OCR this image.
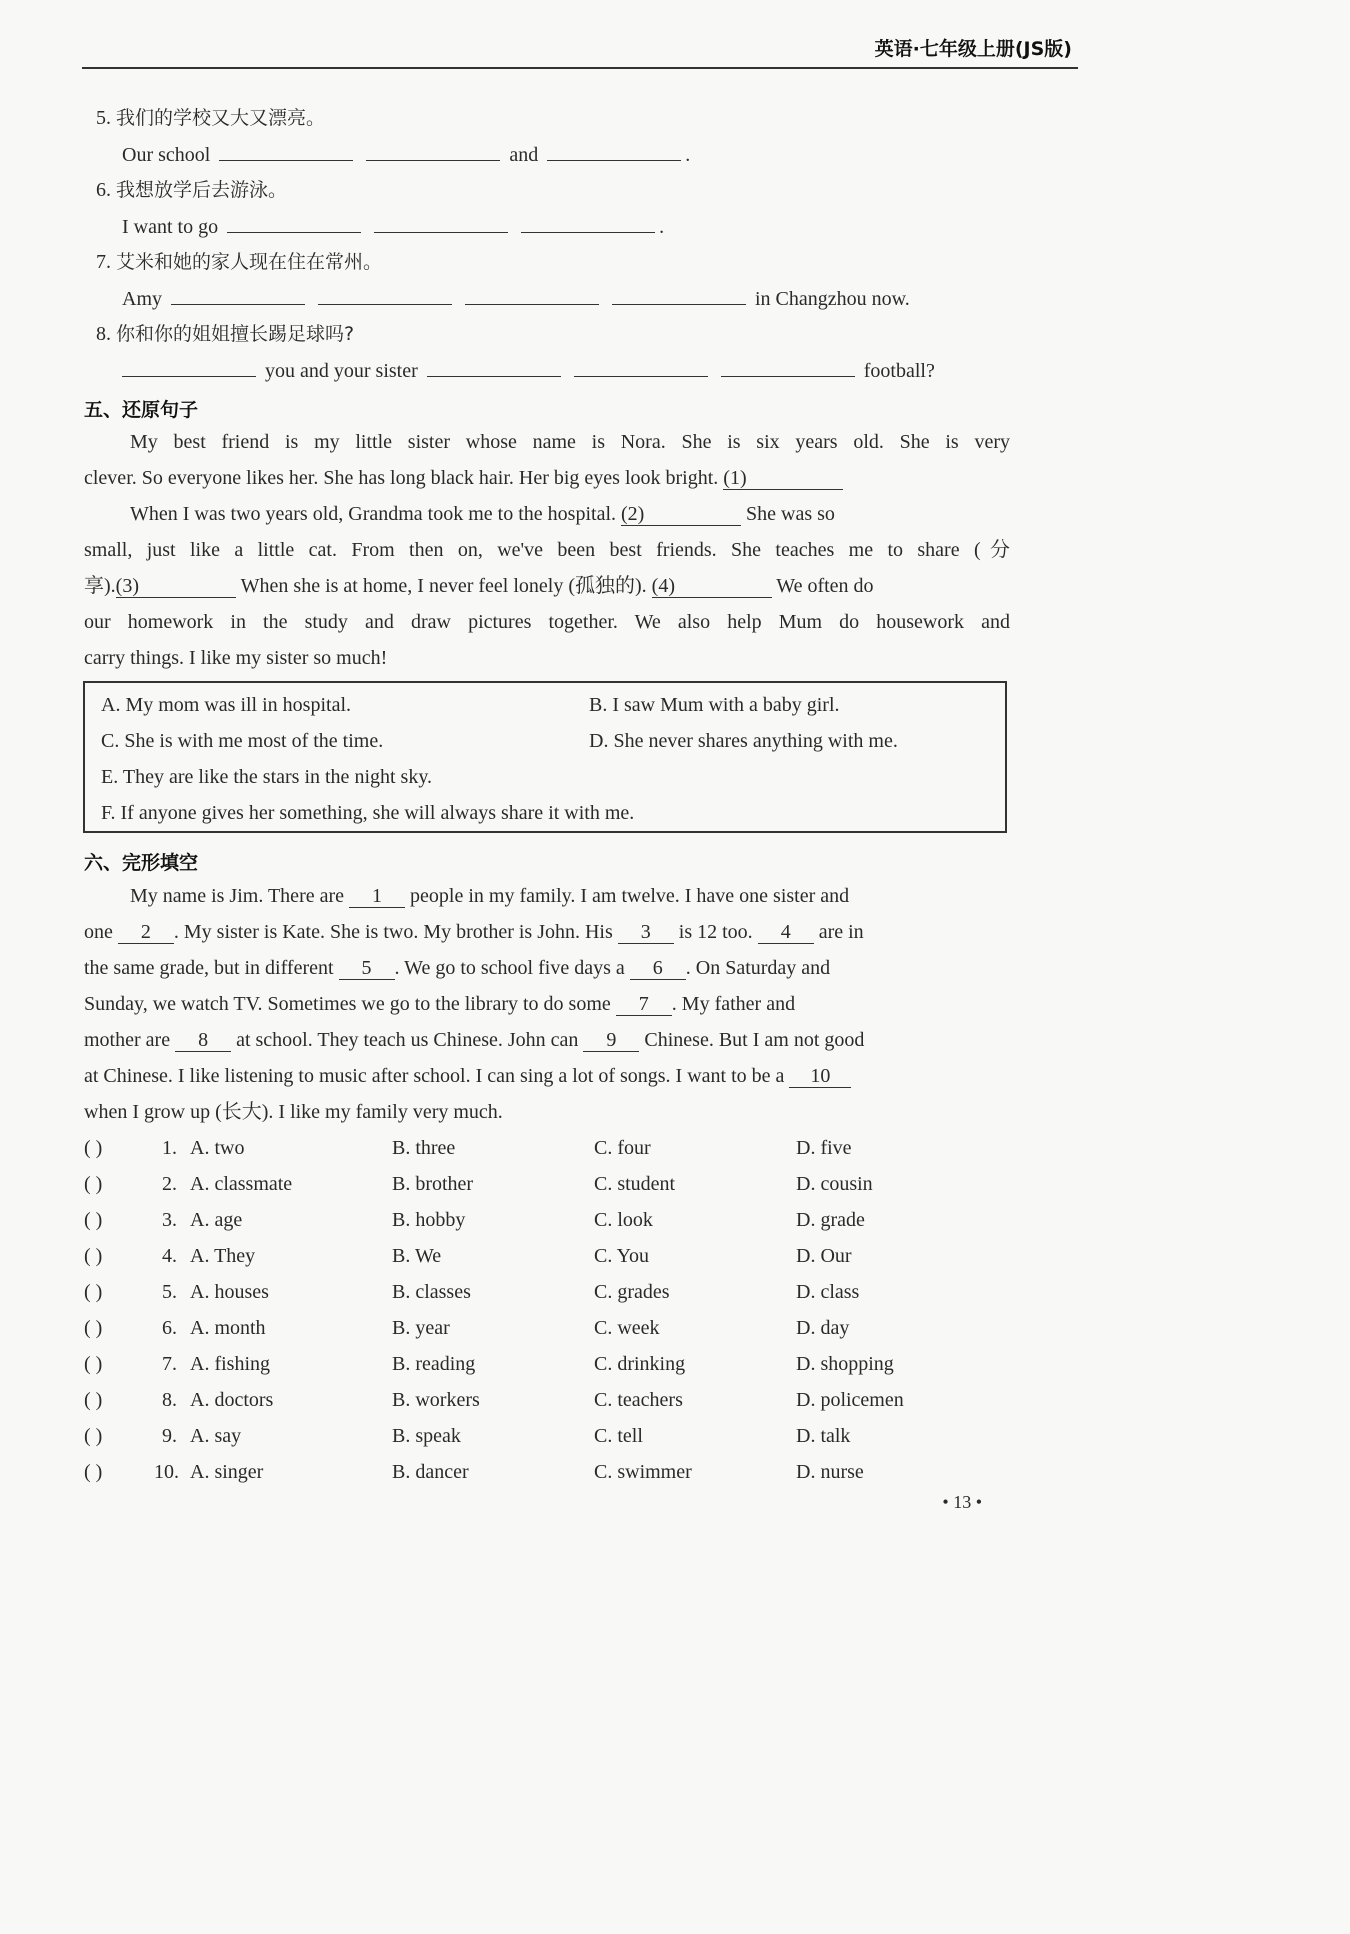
英语·七年级上册(JS版)
5. 我们的学校又大又漂亮。
Our school	and	.
6. 我想放学后去游泳。
I want to go	.
7. 艾米和她的家人现在住在常州。
Amy	in Changzhou now.
8. 你和你的姐姐擅长踢足球吗?
you and your sister	football?
五、还原句子
My best friend is my little sister whose name is Nora. She is six years old. She is very
clever. So everyone likes her. She has long black hair. Her big eyes look bright. (1)
When I was two years old, Grandma took me to the hospital. (2)	She was so
small, just like a little cat. From then on, we've been best friends. She teaches me to share (分
享).(3)	When she is at home, I never feel lonely (孤独的). (4)	We often do
our homework in the study and draw pictures together. We also help Mum do housework and
carry things. I like my sister so much!
A. My mom was ill in hospital.	B. I saw Mum with a baby girl.
C. She is with me most of the time.	D. She never shares anything with me.
E. They are like the stars in the night sky.
F. If anyone gives her something, she will always share it with me.
六、完形填空
My name is Jim. There are 1 people in my family. I am twelve. I have one sister and
one 2 . My sister is Kate. She is two. My brother is John. His 3 is 12 too. 4 are in
the same grade, but in different 5 . We go to school five days a 6 . On Saturday and
Sunday, we watch TV. Sometimes we go to the library to do some 7 . My father and
mother are 8 at school. They teach us Chinese. John can 9 Chinese. But I am not good
at Chinese. I like listening to music after school. I can sing a lot of songs. I want to be a 10
when I grow up (长大). I like my family very much.
( )	1. A. two	B. three	C. four	D. five
( )	2. A. classmate	B. brother	C. student	D. cousin
( )	3. A. age	B. hobby	C. look	D. grade
( )	4. A. They	B. We	C. You	D. Our
( )	5. A. houses	B. classes	C. grades	D. class
( )	6. A. month	B. year	C. week	D. day
( )	7. A. fishing	B. reading	C. drinking	D. shopping
( )	8. A. doctors	B. workers	C. teachers	D. policemen
( )	9. A. say	B. speak	C. tell	D. talk
( )	10. A. singer	B. dancer	C. swimmer	D. nurse
• 13 •
